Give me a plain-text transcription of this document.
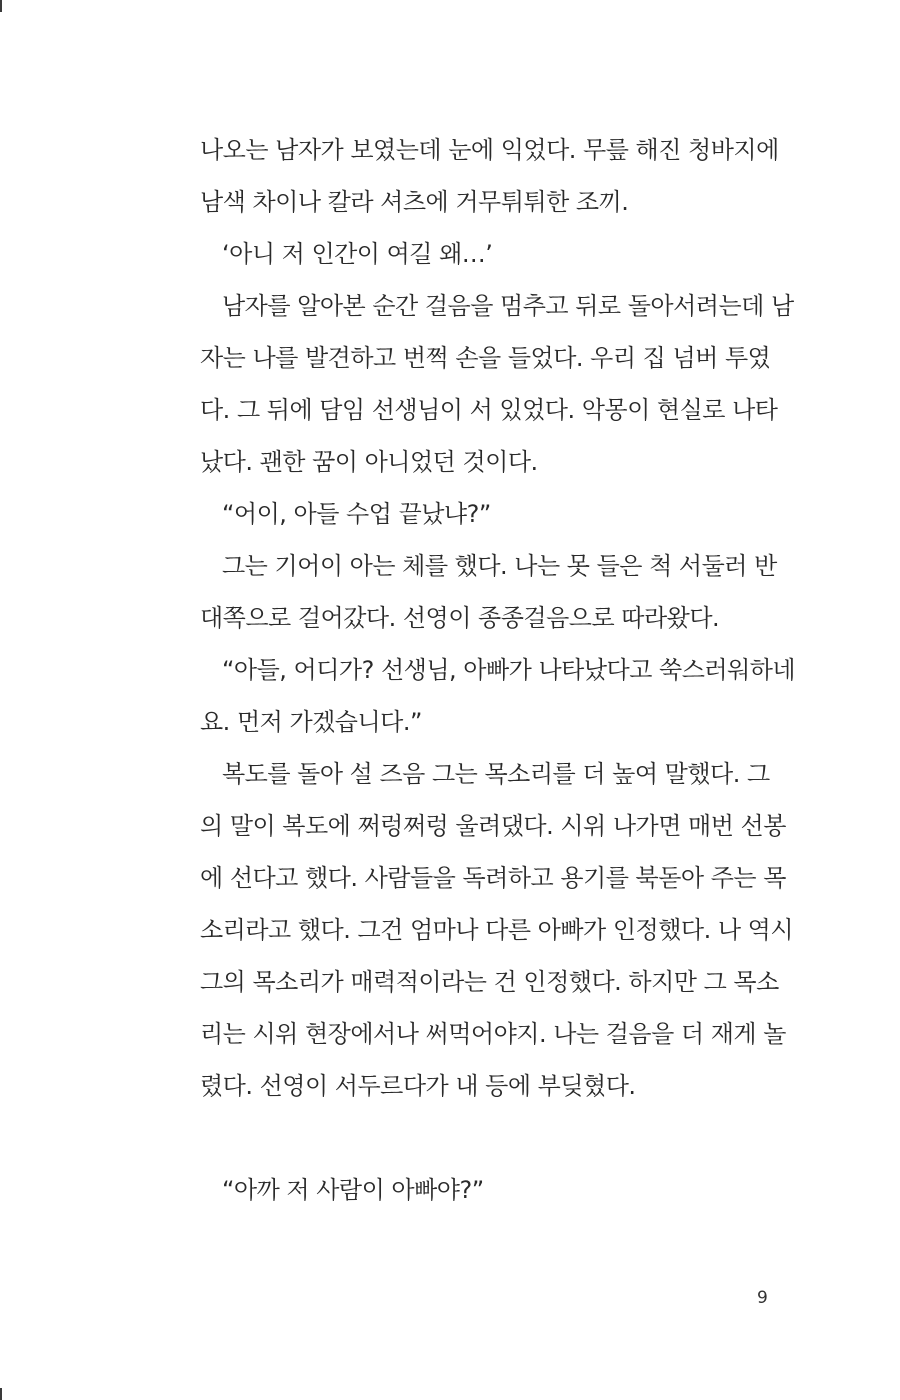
나오는 남자가 보였는데 눈에 익었다. 무릎 해진 청바지에
남색 차이나 칼라 셔츠에 거무튀튀한 조끼.
‘아니 저 인간이 여길 왜…’
남자를 알아본 순간 걸음을 멈추고 뒤로 돌아서려는데 남
자는 나를 발견하고 번쩍 손을 들었다. 우리 집 넘버 투였
다. 그 뒤에 담임 선생님이 서 있었다. 악몽이 현실로 나타
났다. 괜한 꿈이 아니었던 것이다.
“어이, 아들 수업 끝났냐?”
그는 기어이 아는 체를 했다. 나는 못 들은 척 서둘러 반
대쪽으로 걸어갔다. 선영이 종종걸음으로 따라왔다.
“아들, 어디가? 선생님, 아빠가 나타났다고 쑥스러워하네
요. 먼저 가겠습니다.”
복도를 돌아 설 즈음 그는 목소리를 더 높여 말했다. 그
의 말이 복도에 쩌렁쩌렁 울려댔다. 시위 나가면 매번 선봉
에 선다고 했다. 사람들을 독려하고 용기를 북돋아 주는 목
소리라고 했다. 그건 엄마나 다른 아빠가 인정했다. 나 역시
그의 목소리가 매력적이라는 건 인정했다. 하지만 그 목소
리는 시위 현장에서나 써먹어야지. 나는 걸음을 더 재게 놀
렸다. 선영이 서두르다가 내 등에 부딪혔다.
“아까 저 사람이 아빠야?”
9
